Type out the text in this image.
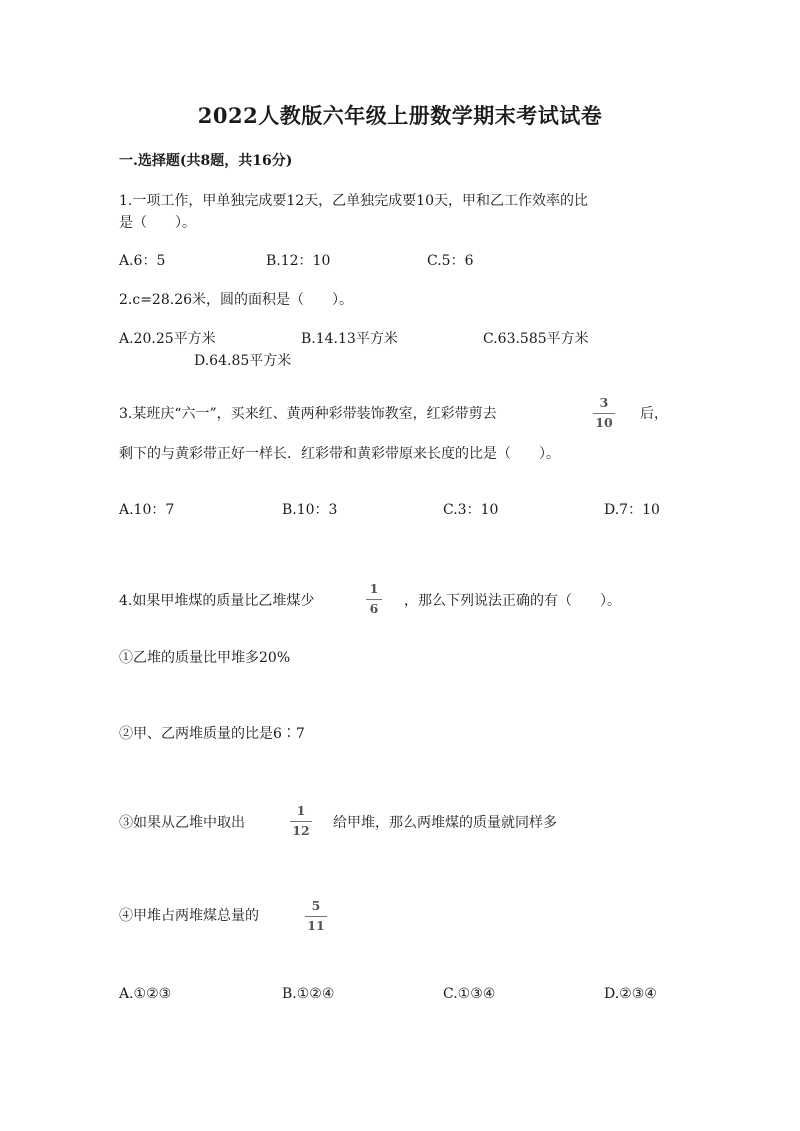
2022人教版六年级上册数学期末考试试卷
一.选择题(共8题，共16分)
1.一项工作，甲单独完成要12天，乙单独完成要10天，甲和乙工作效率的比
是（　　）。
A.6：5	B.12：10	C.5：6
2.c=28.26米，圆的面积是（　　）。
A.20.25平方米	B.14.13平方米	C.63.585平方米
D.64.85平方米
3.某班庆“六一”，买来红、黄两种彩带装饰教室，红彩带剪去
3
10 后，
剩下的与黄彩带正好一样长．红彩带和黄彩带原来长度的比是（　　）。
A.10：7	B.10：3	C.3：10	D.7：10
4.如果甲堆煤的质量比乙堆煤少
1
6 ，那么下列说法正确的有（　　）。
①乙堆的质量比甲堆多20%
②甲、乙两堆质量的比是6∶7
③如果从乙堆中取出
1
12 给甲堆，那么两堆煤的质量就同样多
④甲堆占两堆煤总量的
5
11
A.①②③	B.①②④	C.①③④	D.②③④
